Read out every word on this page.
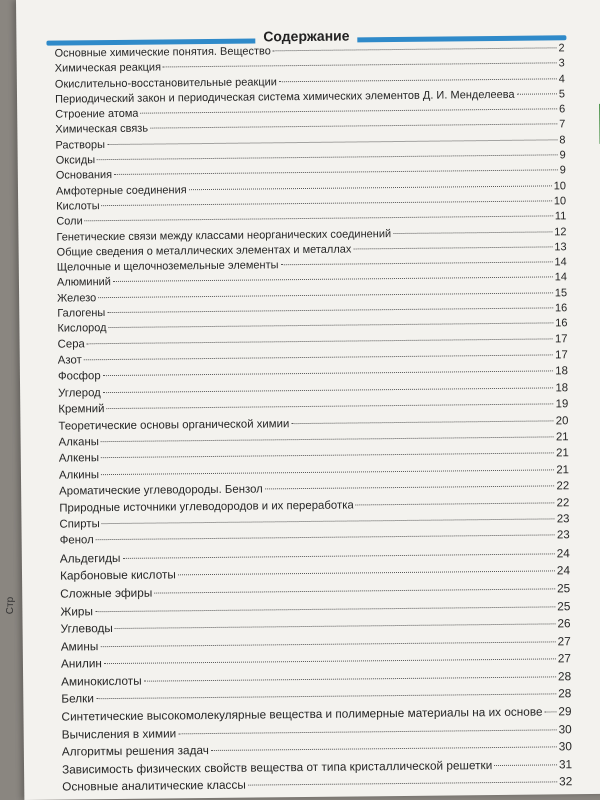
Содержание
Основные химические понятия. Вещество	2
Химическая реакция	3
Окислительно-восстановительные реакции	4
Периодический закон и периодическая система химических элементов Д. И. Менделеева	5
Строение атома	6
Химическая связь	7
Растворы	8
Оксиды	9
Основания	9
Амфотерные соединения	10
Кислоты	10
Соли	11
Генетические связи между классами неорганических соединений	12
Общие сведения о металлических элементах и металлах	13
Щелочные и щелочноземельные элементы	14
Алюминий	14
Железо	15
Галогены	16
Кислород	16
Сера	17
Азот	17
Фосфор	18
Углерод	18
Кремний	19
Теоретические основы органической химии	20
Алканы	21
Алкены	21
Алкины	21
Ароматические углеводороды. Бензол	22
Природные источники углеводородов и их переработка	22
Спирты	23
Фенол	23
Альдегиды	24
Карбоновые кислоты	24
Сложные эфиры	25
Жиры	25
Углеводы	26
Амины	27
Анилин	27
Аминокислоты	28
Белки	28
Синтетические высокомолекулярные вещества и полимерные материалы на их основе 29
Вычисления в химии	30
Алгоритмы решения задач	30
Зависимость физических свойств вещества от типа кристаллической решетки	31
Основные аналитические классы	32
Стр
